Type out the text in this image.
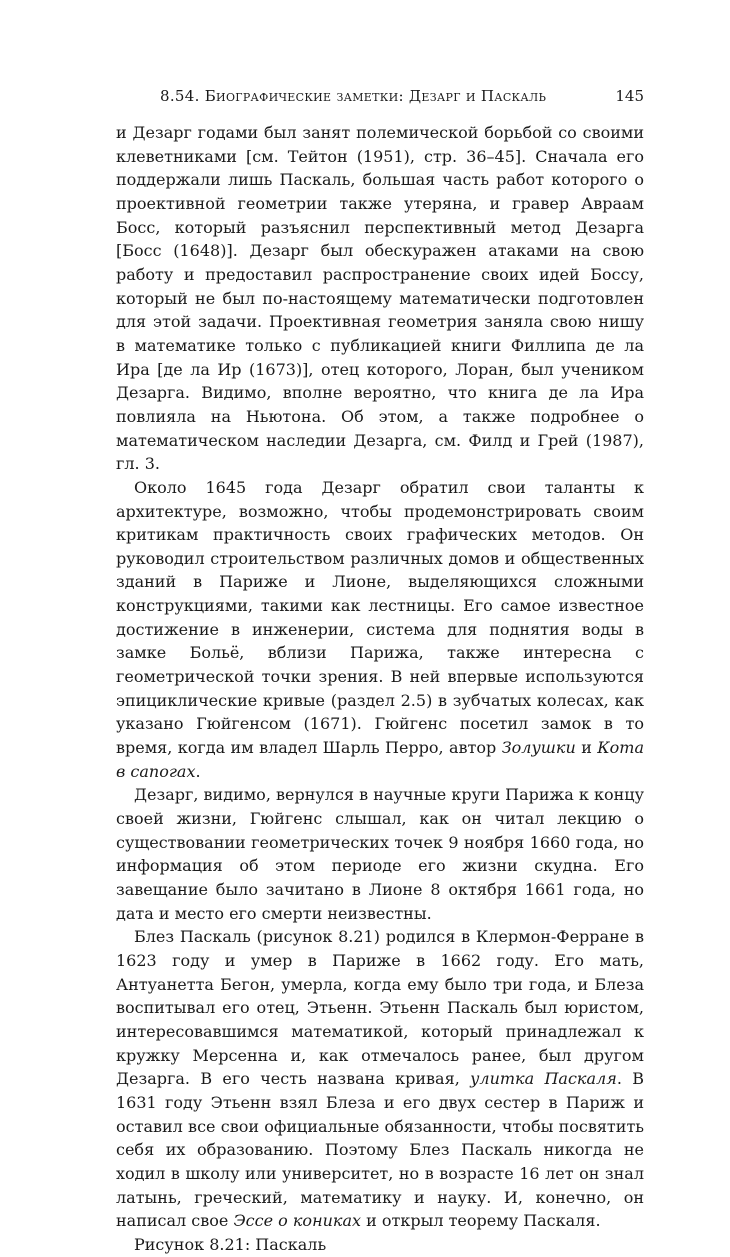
8.54. Биографические заметки: Дезарг и Паскаль	145

и Дезарг годами был занят полемической борьбой со своими клеветниками [см. Тейтон (1951), стр. 36–45]. Сначала его поддержали лишь Паскаль, большая часть работ которого о проективной геометрии также утеряна, и гравер Авраам Босс, который разъяснил перспективный метод Дезарга [Босс (1648)]. Дезарг был обескуражен атаками на свою работу и предоставил распространение своих идей Боссу, который не был по-настоящему математически подготовлен для этой задачи. Проективная геометрия заняла свою нишу в математике только с публикацией книги Филлипа де ла Ира [де ла Ир (1673)], отец которого, Лоран, был учеником Дезарга. Видимо, вполне вероятно, что книга де ла Ира повлияла на Ньютона. Об этом, а также подробнее о математическом наследии Дезарга, см. Филд и Грей (1987), гл. 3.

Около 1645 года Дезарг обратил свои таланты к архитектуре, возможно, чтобы продемонстрировать своим критикам практичность своих графических методов. Он руководил строительством различных домов и общественных зданий в Париже и Лионе, выделяющихся сложными конструкциями, такими как лестницы. Его самое известное достижение в инженерии, система для поднятия воды в замке Больё, вблизи Парижа, также интересна с геометрической точки зрения. В ней впервые используются эпициклические кривые (раздел 2.5) в зубчатых колесах, как указано Гюйгенсом (1671). Гюйгенс посетил замок в то время, когда им владел Шарль Перро, автор Золушки и Кота в сапогах.

Дезарг, видимо, вернулся в научные круги Парижа к концу своей жизни, Гюйгенс слышал, как он читал лекцию о существовании геометрических точек 9 ноября 1660 года, но информация об этом периоде его жизни скудна. Его завещание было зачитано в Лионе 8 октября 1661 года, но дата и место его смерти неизвестны.

Блез Паскаль (рисунок 8.21) родился в Клермон-Ферране в 1623 году и умер в Париже в 1662 году. Его мать, Антуанетта Бегон, умерла, когда ему было три года, и Блеза воспитывал его отец, Этьенн. Этьенн Паскаль был юристом, интересовавшимся математикой, который принадлежал к кружку Мерсенна и, как отмечалось ранее, был другом Дезарга. В его честь названа кривая, улитка Паскаля. В 1631 году Этьенн взял Блеза и его двух сестер в Париж и оставил все свои официальные обязанности, чтобы посвятить себя их образованию. Поэтому Блез Паскаль никогда не ходил в школу или университет, но в возрасте 16 лет он знал латынь, греческий, математику и науку. И, конечно, он написал свое Эссе о кониках и открыл теорему Паскаля.

Рисунок 8.21: Паскаль
